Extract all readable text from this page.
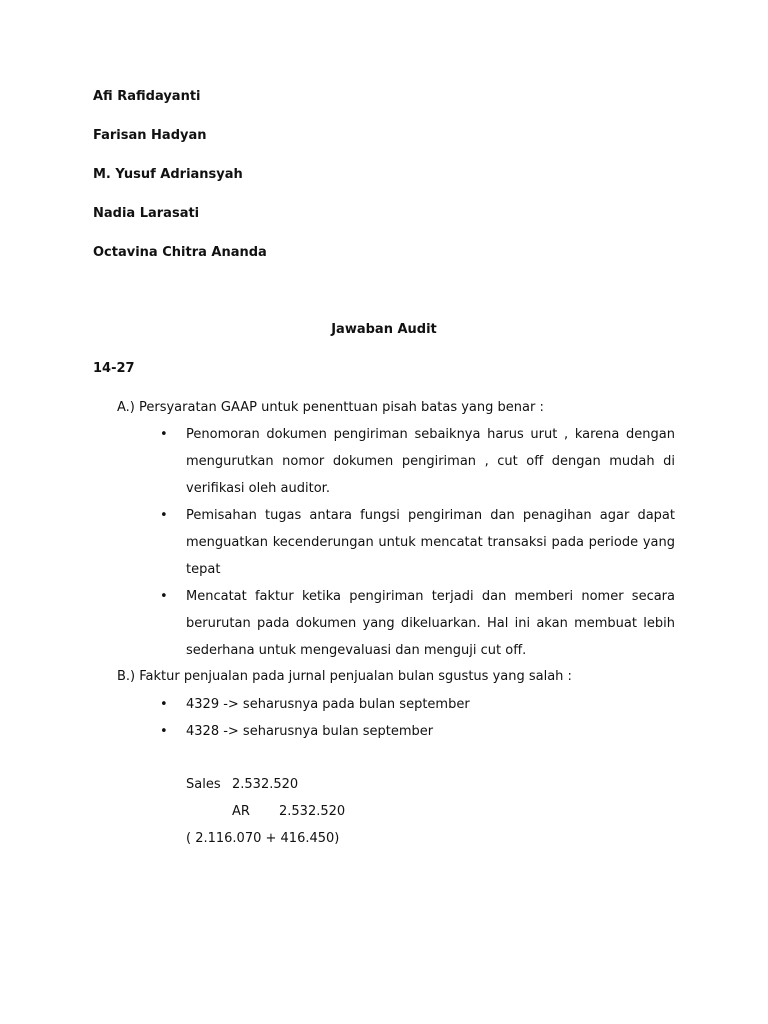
Afi Rafidayanti
Farisan Hadyan
M. Yusuf Adriansyah
Nadia Larasati
Octavina Chitra Ananda
Jawaban Audit
14-27
A.) Persyaratan GAAP untuk penenttuan pisah batas yang benar :
• Penomoran dokumen pengiriman sebaiknya harus urut , karena dengan mengurutkan nomor dokumen pengiriman , cut off dengan mudah di verifikasi oleh auditor.
• Pemisahan tugas antara fungsi pengiriman dan penagihan agar dapat menguatkan kecenderungan untuk mencatat transaksi pada periode yang tepat
• Mencatat faktur ketika pengiriman terjadi dan memberi nomer secara berurutan pada dokumen yang dikeluarkan. Hal ini akan membuat lebih sederhana untuk mengevaluasi dan menguji cut off.
B.) Faktur penjualan pada jurnal penjualan bulan sgustus yang salah :
• 4329 -> seharusnya pada bulan september
• 4328 -> seharusnya bulan september
Sales 2.532.520
AR 2.532.520
( 2.116.070 + 416.450)
